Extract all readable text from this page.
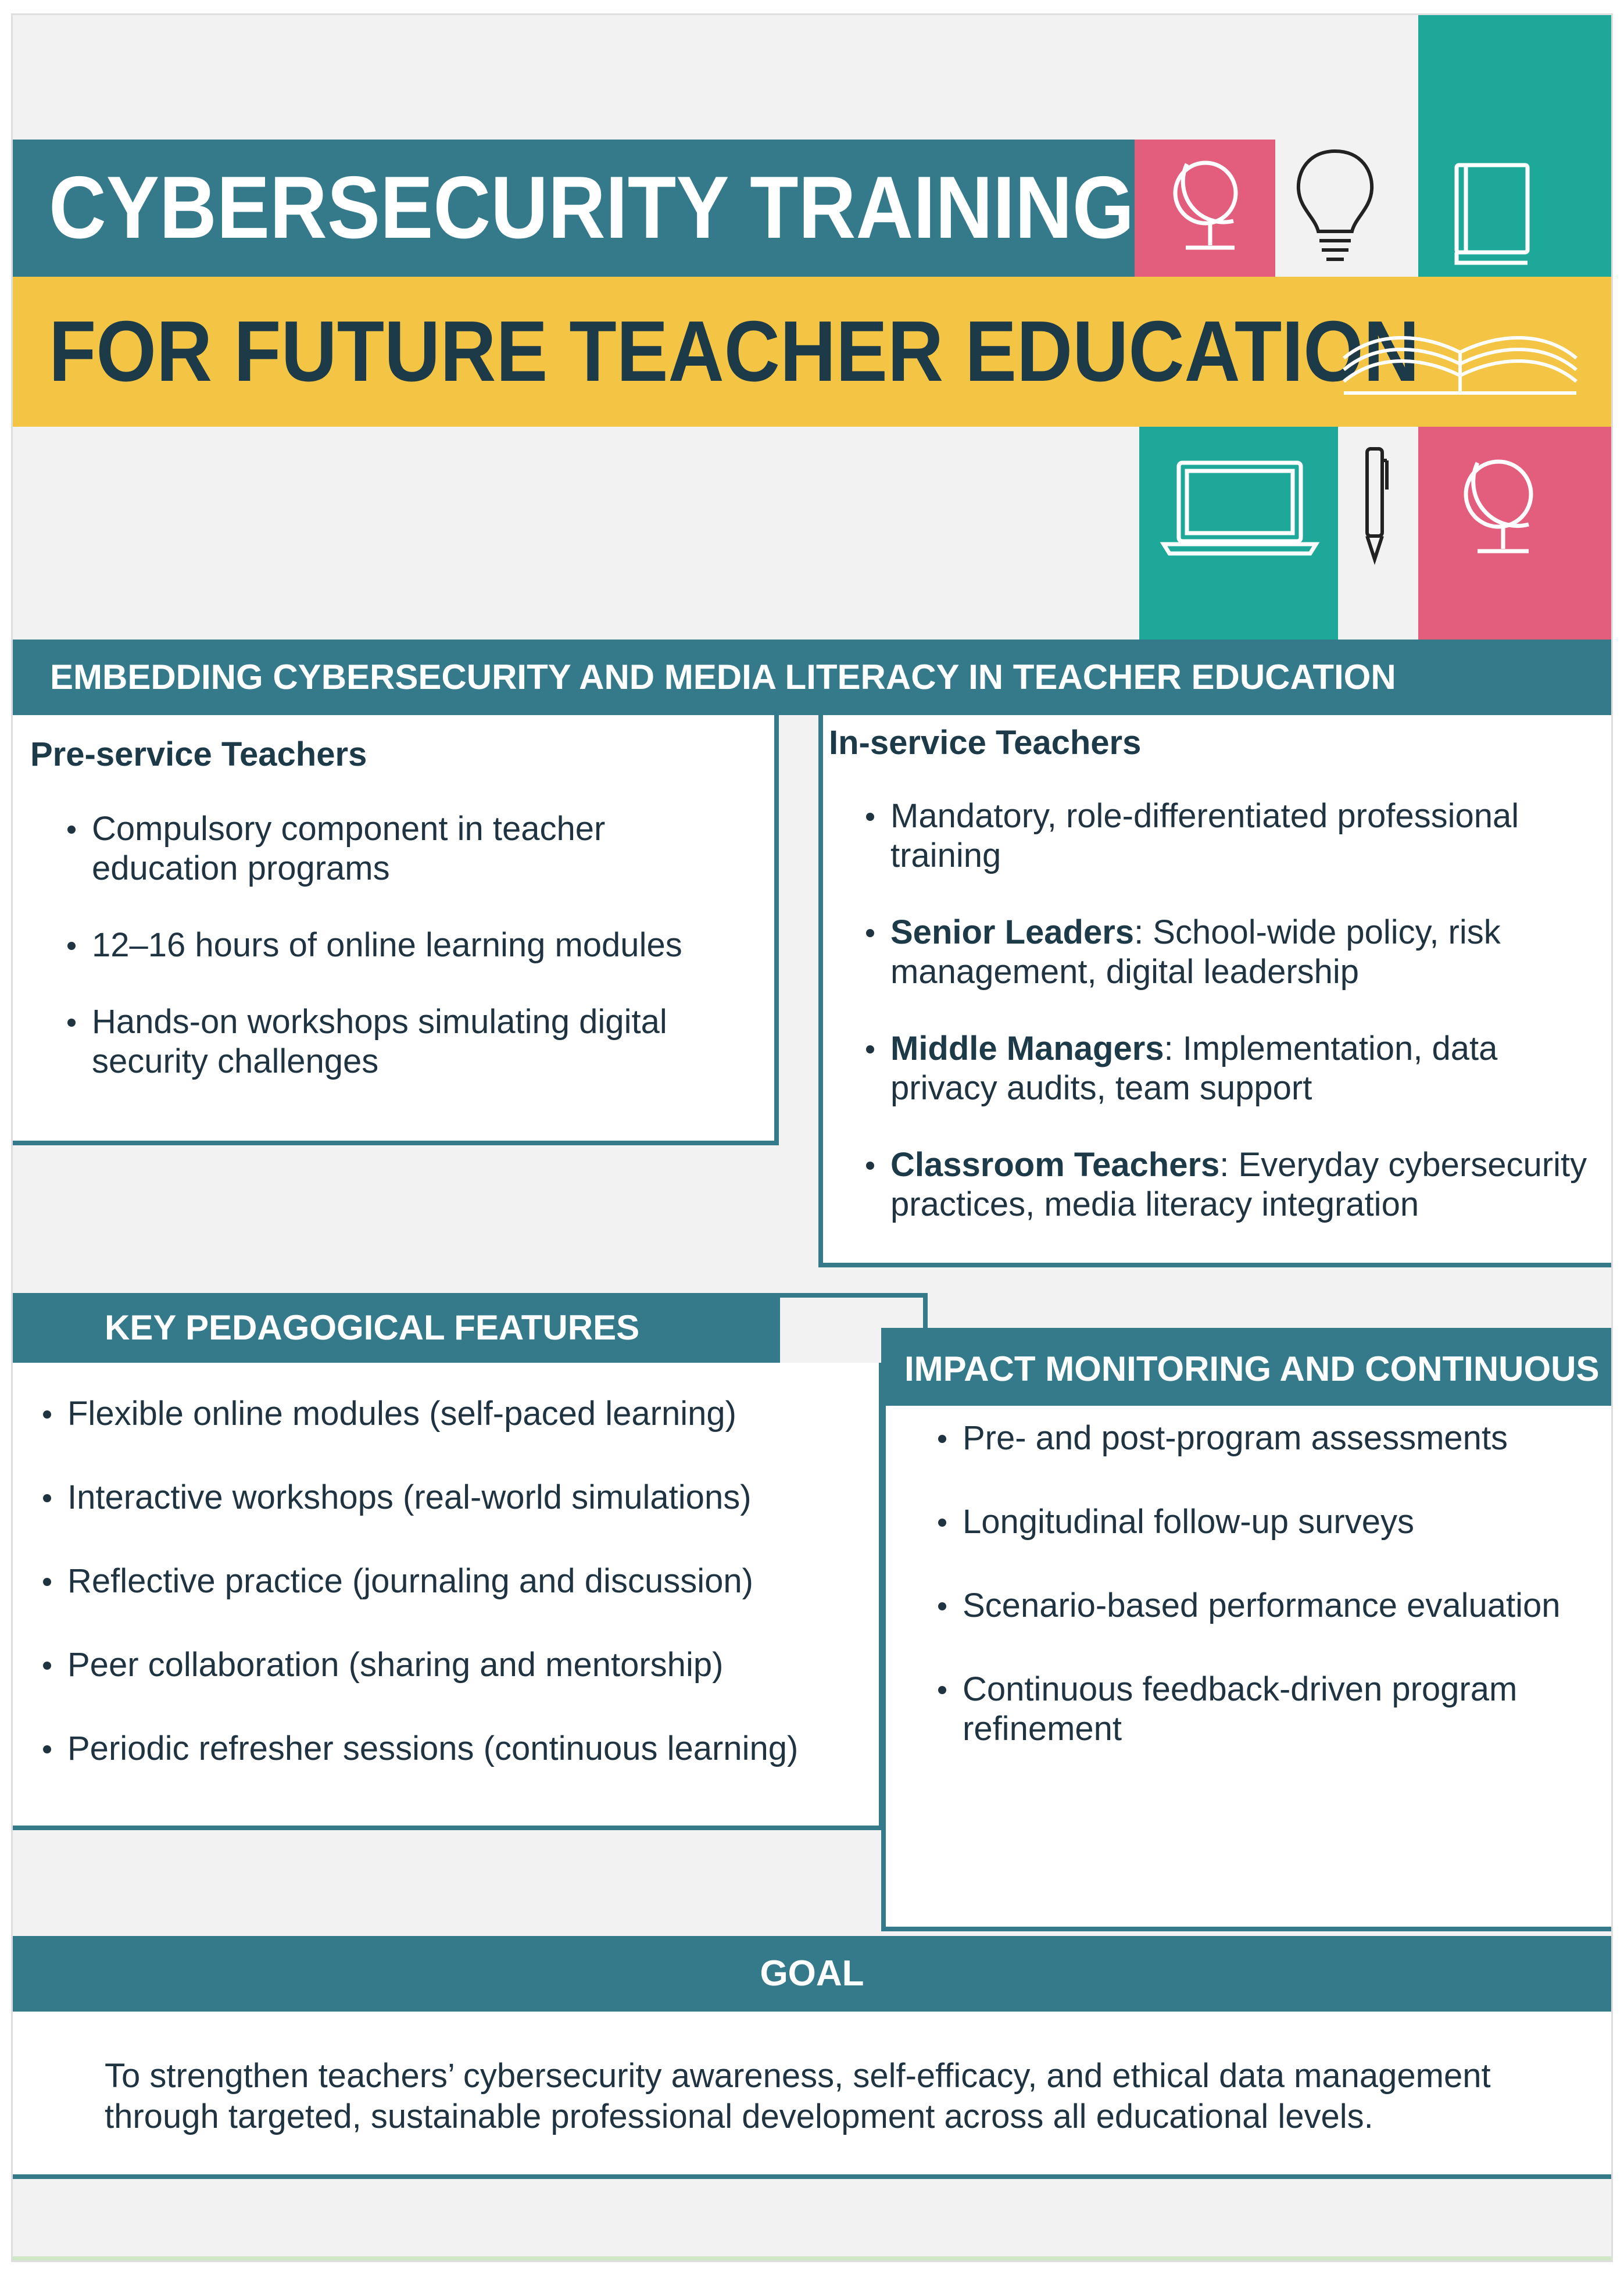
CYBERSECURITY TRAINING
FOR FUTURE TEACHER EDUCATION
EMBEDDING CYBERSECURITY AND MEDIA LITERACY IN TEACHER EDUCATION
Pre-service Teachers
Compulsory component in teacher education programs
12–16 hours of online learning modules
Hands-on workshops simulating digital security challenges
In-service Teachers
Mandatory, role-differentiated professional training
Senior Leaders: School-wide policy, risk management, digital leadership
Middle Managers: Implementation, data privacy audits, team support
Classroom Teachers: Everyday cybersecurity practices, media literacy integration
KEY PEDAGOGICAL FEATURES
Flexible online modules (self-paced learning)
Interactive workshops (real-world simulations)
Reflective practice (journaling and discussion)
Peer collaboration (sharing and mentorship)
Periodic refresher sessions (continuous learning)
Pre- and post-program assessments
Longitudinal follow-up surveys
Scenario-based performance evaluation
Continuous feedback-driven program refinement
IMPACT MONITORING AND CONTINUOUS
GOAL
To strengthen teachers’ cybersecurity awareness, self-efficacy, and ethical data management through targeted, sustainable professional development across all educational levels.
